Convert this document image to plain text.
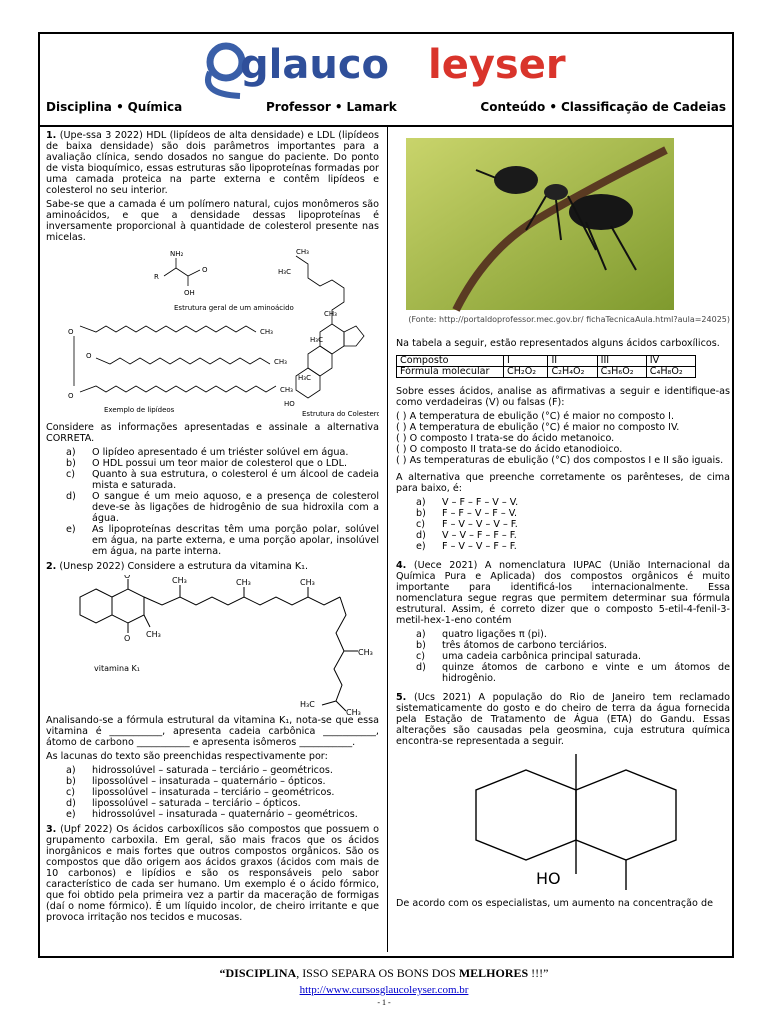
glauco leyser
Disciplina • Química	Professor • Lamark	Conteúdo • Classificação de Cadeias

1. (Upe-ssa 3 2022) HDL (lipídeos de alta densidade) e LDL (lipídeos de baixa densidade) são dois parâmetros importantes para a avaliação clínica, sendo dosados no sangue do paciente. Do ponto de vista bioquímico, essas estruturas são lipoproteínas formadas por uma camada proteica na parte externa e contêm lipídeos e colesterol no seu interior.

Sabe-se que a camada é um polímero natural, cujos monômeros são aminoácidos, e que a densidade dessas lipoproteínas é inversamente proporcional à quantidade de colesterol presente nas micelas.

NH₂
R
OH
O
CH₃
H₃C
CH₃
H₃C
H₃C
HO
CH₃
CH₃
CH₃
O
O
O
Estrutura geral de um aminoácido
Exemplo de lipídeos	Estrutura do Colesterol

Considere as informações apresentadas e assinale a alternativa CORRETA.

a)	O lipídeo apresentado é um triéster solúvel em água.
b)	O HDL possui um teor maior de colesterol que o LDL.
c)	Quanto à sua estrutura, o colesterol é um álcool de cadeia mista e saturada.
d)	O sangue é um meio aquoso, e a presença de colesterol deve-se às ligações de hidrogênio de sua hidroxila com a água.
e)	As lipoproteínas descritas têm uma porção polar, solúvel em água, na parte externa, e uma porção apolar, insolúvel em água, na parte interna.

2. (Unesp 2022) Considere a estrutura da vitamina K₁.

O
O CH₃
CH₃	CH₃	CH₃
CH₃
H₃C
CH₃
vitamina K₁

Analisando-se a fórmula estrutural da vitamina K₁, nota-se que essa vitamina é ___________, apresenta cadeia carbônica ___________, átomo de carbono ___________ e apresenta isômeros ___________.

As lacunas do texto são preenchidas respectivamente por:

a)	hidrossolúvel – saturada – terciário – geométricos.
b)	lipossolúvel – insaturada – quaternário – ópticos.
c)	lipossolúvel – insaturada – terciário – geométricos.
d)	lipossolúvel – saturada – terciário – ópticos.
e)	hidrossolúvel – insaturada – quaternário – geométricos.

3. (Upf 2022) Os ácidos carboxílicos são compostos que possuem o grupamento carboxila. Em geral, são mais fracos que os ácidos inorgânicos e mais fortes que outros compostos orgânicos. São os compostos que dão origem aos ácidos graxos (ácidos com mais de 10 carbonos) e lipídios e são os responsáveis pelo sabor característico de cada ser humano. Um exemplo é o ácido fórmico, que foi obtido pela primeira vez a partir da maceração de formigas (daí o nome fórmico). É um líquido incolor, de cheiro irritante e que provoca irritação nos tecidos e mucosas.

(Fonte: http://portaldoprofessor.mec.gov.br/ fichaTecnicaAula.html?aula=24025)

Na tabela a seguir, estão representados alguns ácidos carboxílicos.

Composto	I	II	III	IV
Fórmula molecular	CH₂O₂	C₂H₄O₂	C₃H₆O₂	C₄H₈O₂

Sobre esses ácidos, analise as afirmativas a seguir e identifique-as como verdadeiras (V) ou falsas (F):

( ) A temperatura de ebulição (°C) é maior no composto I.
( ) A temperatura de ebulição (°C) é maior no composto IV.
( ) O composto I trata-se do ácido metanoico.
( ) O composto II trata-se do ácido etanodioico.
( ) As temperaturas de ebulição (°C) dos compostos I e II são iguais.

A alternativa que preenche corretamente os parênteses, de cima para baixo, é:

a)	V – F – F – V – V.
b)	F – F – V – F – V.
c)	F – V – V – V – F.
d)	V – V – F – F – F.
e)	F – V – V – F – F.

4. (Uece 2021) A nomenclatura IUPAC (União Internacional da Química Pura e Aplicada) dos compostos orgânicos é muito importante para identificá-los internacionalmente. Essa nomenclatura segue regras que permitem determinar sua fórmula estrutural. Assim, é correto dizer que o composto 5-etil-4-fenil-3-metil-hex-1-eno contém

a)	quatro ligações π (pi).
b)	três átomos de carbono terciários.
c)	uma cadeia carbônica principal saturada.
d)	quinze átomos de carbono e vinte e um átomos de hidrogênio.

5. (Ucs 2021) A população do Rio de Janeiro tem reclamado sistematicamente do gosto e do cheiro de terra da água fornecida pela Estação de Tratamento de Água (ETA) do Gandu. Essas alterações são causadas pela geosmina, cuja estrutura química encontra-se representada a seguir.

HO

De acordo com os especialistas, um aumento na concentração de

“DISCIPLINA, ISSO SEPARA OS BONS DOS MELHORES !!!”
http://www.cursosglaucoleyser.com.br
- 1 -
